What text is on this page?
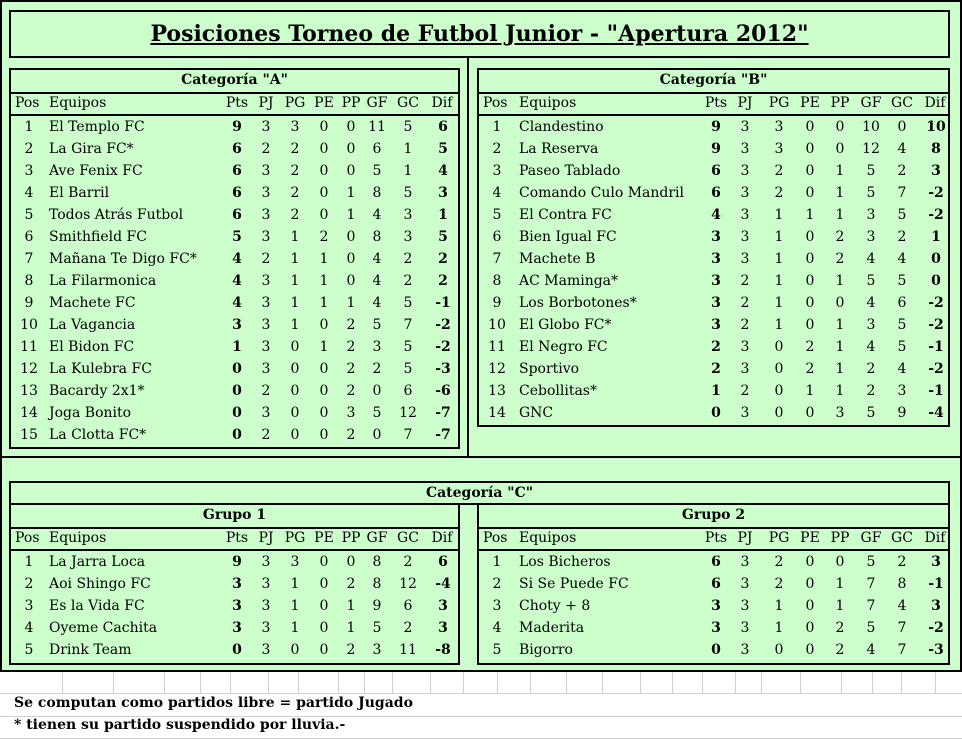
Posiciones Torneo de Futbol Junior - "Apertura 2012"
Categoría "A"
Pos Equipos	Pts PJ PG PE PP GF GC Dif
1	El Templo FC	9	3	3	0	0 11	5	6
2	La Gira FC*	6	2	2	0	0	6	1	5
3	Ave Fenix FC	6	3	2	0	0	5	1	4
4	El Barril	6	3	2	0	1	8	5	3
5	Todos Atrás Futbol	6	3	2	0	1	4	3	1
6	Smithfield FC	5	3	1	2	0	8	3	5
7	Mañana Te Digo FC*	4	2	1	1	0	4	2	2
8	La Filarmonica	4	3	1	1	0	4	2	2
9	Machete FC	4	3	1	1	1	4	5	-1
10 La Vagancia	3	3	1	0	2	5	7	-2
11 El Bidon FC	1	3	0	1	2	3	5	-2
12 La Kulebra FC	0	3	0	0	2	2	5	-3
13 Bacardy 2x1*	0	2	0	0	2	0	6	-6
14 Joga Bonito	0	3	0	0	3	5	12	-7
15 La Clotta FC*	0	2	0	0	2	0	7	-7
Categoría "B"
Pos Equipos	Pts PJ	PG PE PP GF GC Dif
1	Clandestino	9	3	3	0	0	10	0	10
2	La Reserva	9	3	3	0	0	12	4	8
3	Paseo Tablado	6	3	2	0	1	5	2	3
4	Comando Culo Mandril	6	3	2	0	1	5	7	-2
5	El Contra FC	4	3	1	1	1	3	5	-2
6	Bien Igual FC	3	3	1	0	2	3	2	1
7	Machete B	3	3	1	0	2	4	4	0
8	AC Maminga*	3	2	1	0	1	5	5	0
9	Los Borbotones*	3	2	1	0	0	4	6	-2
10 El Globo FC*	3	2	1	0	1	3	5	-2
11 El Negro FC	2	3	0	2	1	4	5	-1
12 Sportivo	2	3	0	2	1	2	4	-2
13 Cebollitas*	1	2	0	1	1	2	3	-1
14 GNC	0	3	0	0	3	5	9	-4
Categoría "C"
Grupo 1
Pos Equipos	Pts PJ PG PE PP GF GC Dif
1	La Jarra Loca	9	3	3	0	0	8	2	6
2	Aoi Shingo FC	3	3	1	0	2	8	12	-4
3	Es la Vida FC	3	3	1	0	1	9	6	3
4	Oyeme Cachita	3	3	1	0	1	5	2	3
5	Drink Team	0	3	0	0	2	3	11	-8
Grupo 2
Pos Equipos	Pts PJ	PG PE PP GF GC Dif
1	Los Bicheros	6	3	2	0	0	5	2	3
2	Si Se Puede FC	6	3	2	0	1	7	8	-1
3	Choty + 8	3	3	1	0	1	7	4	3
4	Maderita	3	3	1	0	2	5	7	-2
5	Bigorro	0	3	0	0	2	4	7	-3
Se computan como partidos libre = partido Jugado
* tienen su partido suspendido por lluvia.-
